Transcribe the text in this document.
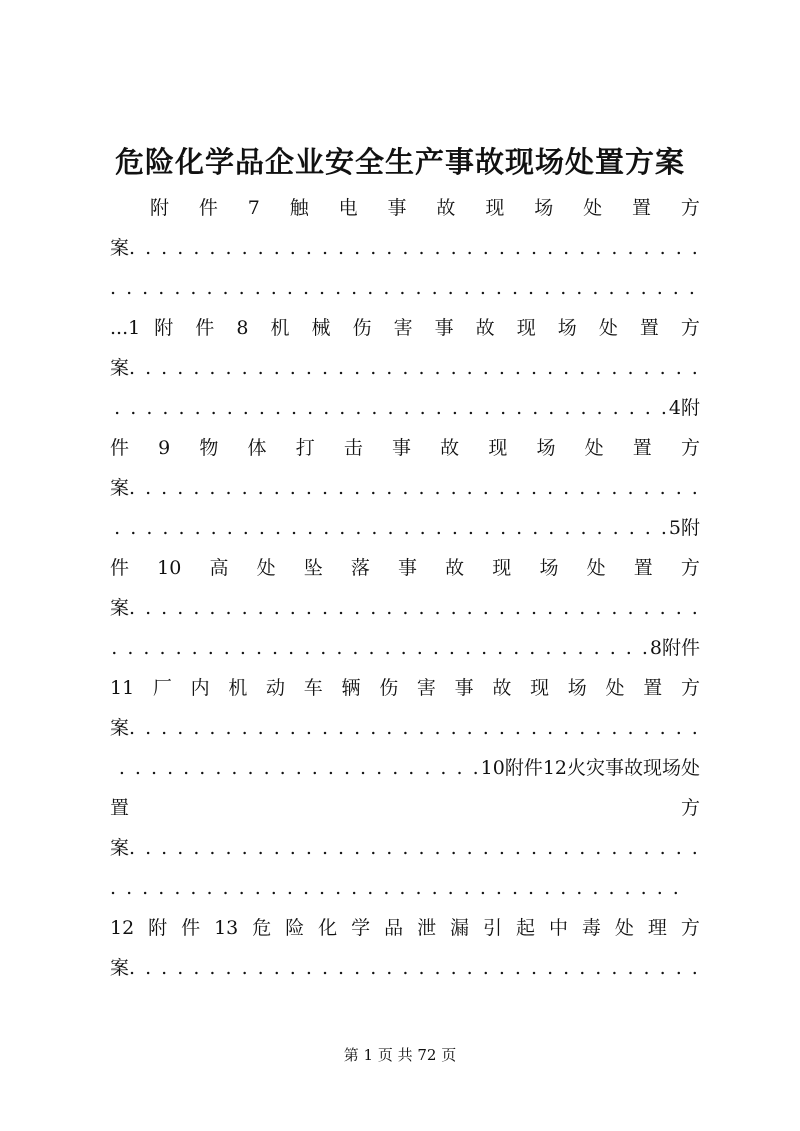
危险化学品企业安全生产事故现场处置方案
附 件 7 触 电 事 故 现 场 处 置 方
案
. . .
. . .
...1 附 件 8 机 械 伤 害 事 故 现 场 处 置 方
案
. . .
. . .
4附
件 9 物 体 打 击 事 故 现 场 处 置 方
案
. . .
. . .
5附
件 10 高 处 坠 落 事 故 现 场 处 置 方
案
. . .
. . .
8附件
11 厂 内 机 动 车 辆 伤 害 事 故 现 场 处 置 方
案
. . .
. . .
10附件12火灾事故现场处
置	方
案
. . .
. . .
12 附 件 13 危 险 化 学 品 泄 漏 引 起 中 毒 处 理 方
案
. . .
第 1 页 共 72 页
